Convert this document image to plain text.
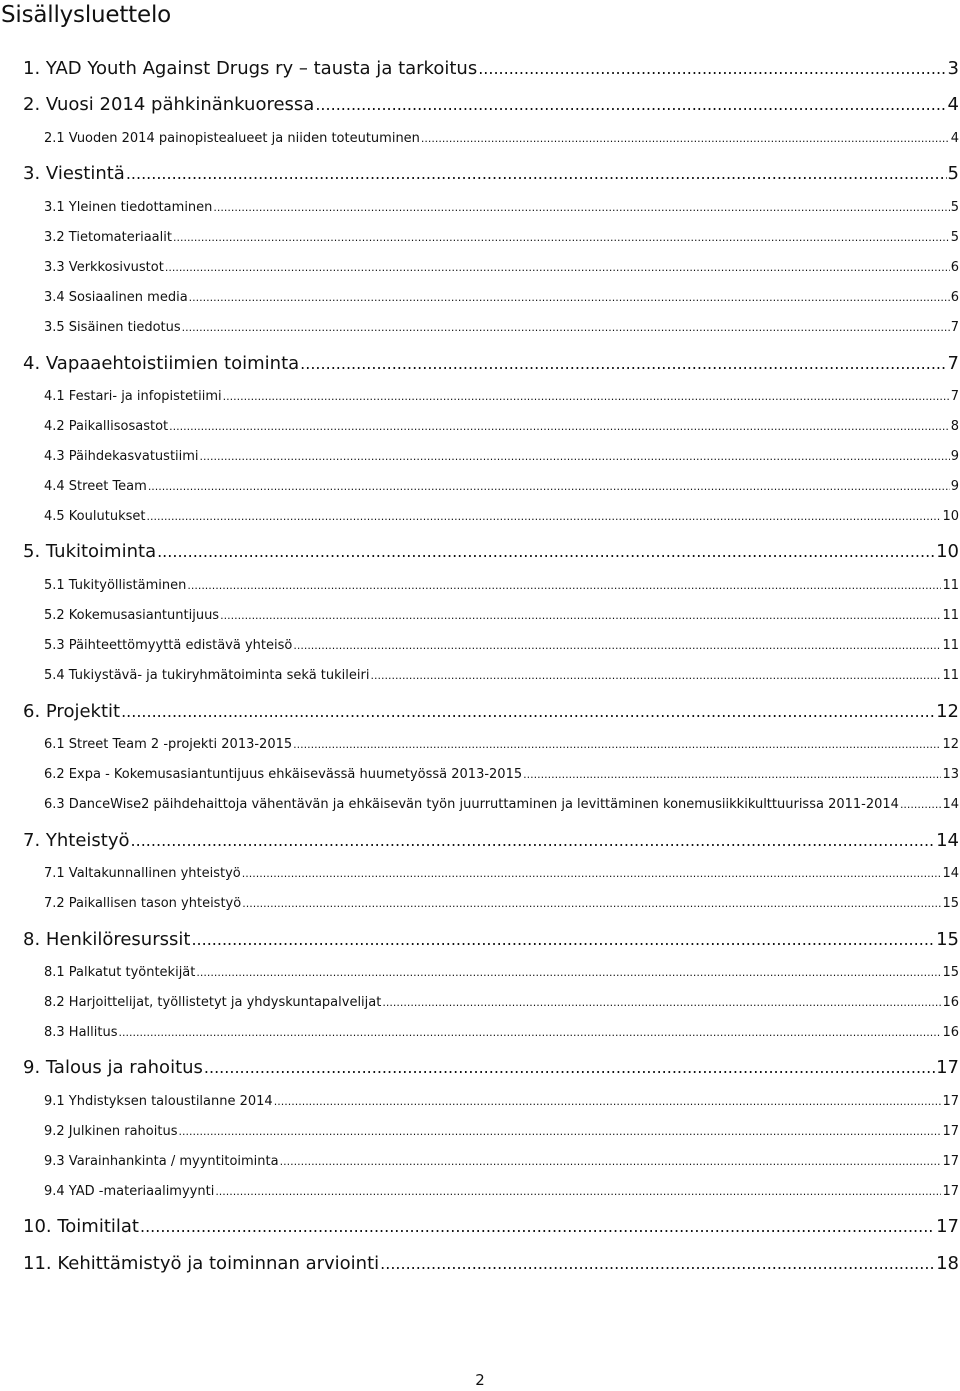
Sisällysluettelo
1. YAD Youth Against Drugs ry – tausta ja tarkoitus .....	3
2. Vuosi 2014 pähkinänkuoressa .....	4
2.1 Vuoden 2014 painopistealueet ja niiden toteutuminen .....	4
3. Viestintä .....	5
3.1 Yleinen tiedottaminen .....	5
3.2 Tietomateriaalit .....	5
3.3 Verkkosivustot .....	6
3.4 Sosiaalinen media .....	6
3.5 Sisäinen tiedotus .....	7
4. Vapaaehtoistiimien toiminta .....	7
4.1 Festari- ja infopistetiimi .....	7
4.2 Paikallisosastot .....	8
4.3 Päihdekasvatustiimi .....	9
4.4 Street Team .....	9
4.5 Koulutukset .....	10
5. Tukitoiminta .....	10
5.1 Tukityöllistäminen .....	11
5.2 Kokemusasiantuntijuus .....	11
5.3 Päihteettömyyttä edistävä yhteisö .....	11
5.4 Tukiystävä- ja tukiryhmätoiminta sekä tukileiri .....	11
6. Projektit .....	12
6.1 Street Team 2 -projekti 2013-2015 .....	12
6.2 Expa - Kokemusasiantuntijuus ehkäisevässä huumetyössä 2013-2015 .....	13
6.3 DanceWise2 päihdehaittoja vähentävän ja ehkäisevän työn juurruttaminen ja levittäminen konemusiikkikulttuurissa 2011-2014 .....	14
7. Yhteistyö .....	14
7.1 Valtakunnallinen yhteistyö .....	14
7.2 Paikallisen tason yhteistyö .....	15
8. Henkilöresurssit .....	15
8.1 Palkatut työntekijät .....	15
8.2 Harjoittelijat, työllistetyt ja yhdyskuntapalvelijat .....	16
8.3 Hallitus .....	16
9. Talous ja rahoitus .....	17
9.1 Yhdistyksen taloustilanne 2014 .....	17
9.2 Julkinen rahoitus .....	17
9.3 Varainhankinta / myyntitoiminta .....	17
9.4 YAD -materiaalimyynti .....	17
10. Toimitilat .....	17
11. Kehittämistyö ja toiminnan arviointi .....	18
2
